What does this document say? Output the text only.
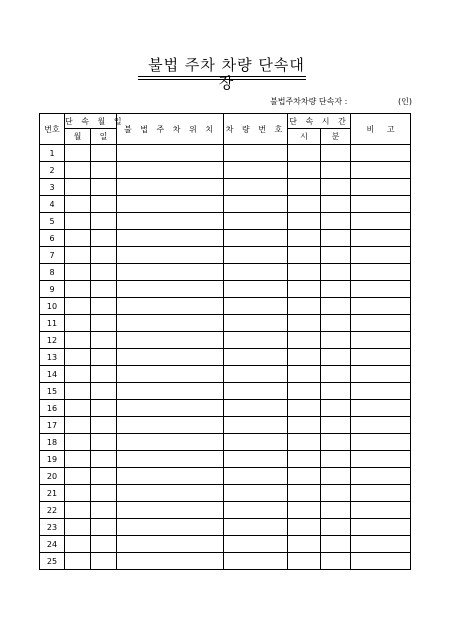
불법 주차 차량 단속대장
불법주차차량 단속자 :	(인)
번호	단 속 월 일		불 법 주 차 위 치	차 량 번 호	단 속 시 간		비     고
	월	일			시	분	
1							
2							
3							
4							
5							
6							
7							
8							
9							
10							
11							
12							
13							
14							
15							
16							
17							
18							
19							
20							
21							
22							
23							
24							
25							
